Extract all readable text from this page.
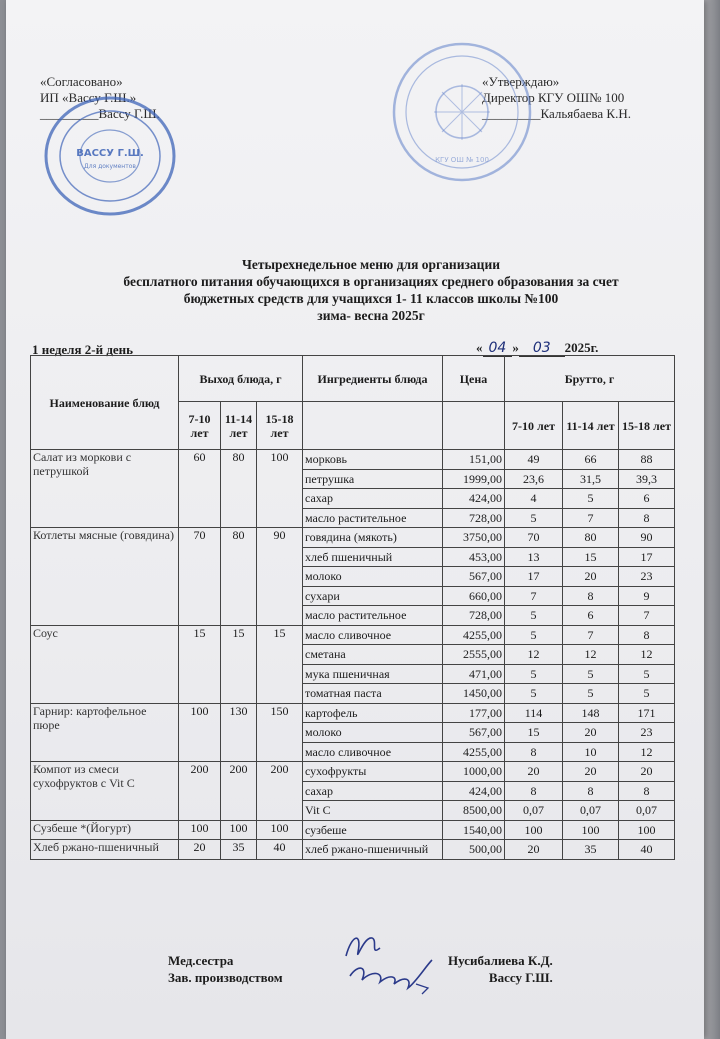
«Согласовано»
ИП «Вассу Г.Ш.»
_________Вассу Г.Ш.
«Утверждаю»
Директор КГУ ОШ№ 100
_________Кальябаева К.Н.
ВАССУ Г.Ш.
Для документов
КГУ ОШ № 100
Четырехнедельное меню для организации
бесплатного питания обучающихся в организациях среднего образования за счет
бюджетных средств для учащихся 1- 11 классов школы №100
зима- весна 2025г
1 неделя 2-й день	« 04 » 03 2025г.
Наименование блюд	Выход блюда, г			Ингредиенты блюда	Цена	Брутто, г		
	7-10 лет	11-14 лет	15-18 лет			7-10 лет	11-14 лет	15-18 лет
Салат из моркови с петрушкой	60	80	100	морковь	151,00	49	66	88
				петрушка	1999,00	23,6	31,5	39,3
				сахар	424,00	4	5	6
				масло растительное	728,00	5	7	8
Котлеты мясные (говядина)	70	80	90	говядина (мякоть)	3750,00	70	80	90
				хлеб пшеничный	453,00	13	15	17
				молоко	567,00	17	20	23
				сухари	660,00	7	8	9
				масло растительное	728,00	5	6	7
Соус	15	15	15	масло сливочное	4255,00	5	7	8
				сметана	2555,00	12	12	12
				мука пшеничная	471,00	5	5	5
				томатная паста	1450,00	5	5	5
Гарнир: картофельное пюре	100	130	150	картофель	177,00	114	148	171
				молоко	567,00	15	20	23
				масло сливочное	4255,00	8	10	12
Компот из смеси сухофруктов с Vit C	200	200	200	сухофрукты	1000,00	20	20	20
				сахар	424,00	8	8	8
				Vit C	8500,00	0,07	0,07	0,07
Сузбеше *(Йогурт)	100	100	100	сузбеше	1540,00	100	100	100
Хлеб ржано-пшеничный	20	35	40	хлеб ржано-пшеничный	500,00	20	35	40
Мед.сестра
Зав. производством
Нусибалиева К.Д.
Вассу Г.Ш.
